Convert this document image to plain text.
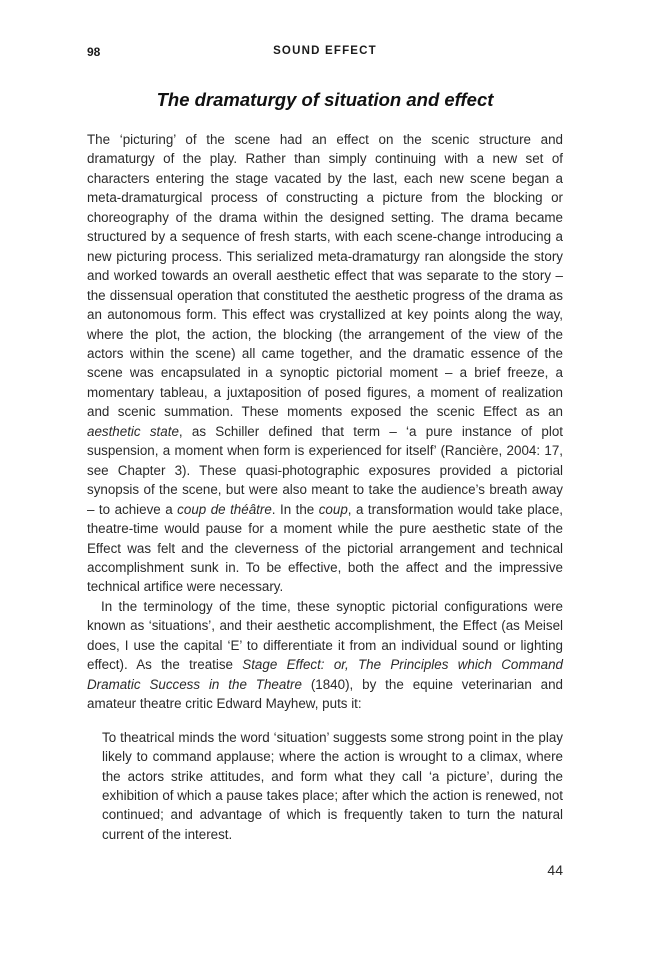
98	SOUND EFFECT
The dramaturgy of situation and effect

The ‘picturing’ of the scene had an effect on the scenic structure and dramaturgy of the play. Rather than simply continuing with a new set of characters entering the stage vacated by the last, each new scene began a meta-dramaturgical process of constructing a picture from the blocking or choreography of the drama within the designed setting. The drama became structured by a sequence of fresh starts, with each scene-change introducing a new picturing process. This serialized meta-dramaturgy ran alongside the story and worked towards an overall aesthetic effect that was separate to the story – the dissensual operation that constituted the aesthetic progress of the drama as an autonomous form. This effect was crystallized at key points along the way, where the plot, the action, the blocking (the arrangement of the view of the actors within the scene) all came together, and the dramatic essence of the scene was encapsulated in a synoptic pictorial moment – a brief freeze, a momentary tableau, a juxtaposition of posed figures, a moment of realization and scenic summation. These moments exposed the scenic Effect as an aesthetic state, as Schiller defined that term – ‘a pure instance of plot suspension, a moment when form is experienced for itself’ (Rancière, 2004: 17, see Chapter 3). These quasi-photographic exposures provided a pictorial synopsis of the scene, but were also meant to take the audience’s breath away – to achieve a coup de théâtre. In the coup, a transformation would take place, theatre-time would pause for a moment while the pure aesthetic state of the Effect was felt and the cleverness of the pictorial arrangement and technical accomplishment sunk in. To be effective, both the affect and the impressive technical artifice were necessary.

In the terminology of the time, these synoptic pictorial configurations were known as ‘situations’, and their aesthetic accomplishment, the Effect (as Meisel does, I use the capital ‘E’ to differentiate it from an individual sound or lighting effect). As the treatise Stage Effect: or, The Principles which Command Dramatic Success in the Theatre (1840), by the equine veterinarian and amateur theatre critic Edward Mayhew, puts it:

To theatrical minds the word ‘situation’ suggests some strong point in the play likely to command applause; where the action is wrought to a climax, where the actors strike attitudes, and form what they call ‘a picture’, during the exhibition of which a pause takes place; after which the action is renewed, not continued; and advantage of which is frequently taken to turn the natural current of the interest.

44
